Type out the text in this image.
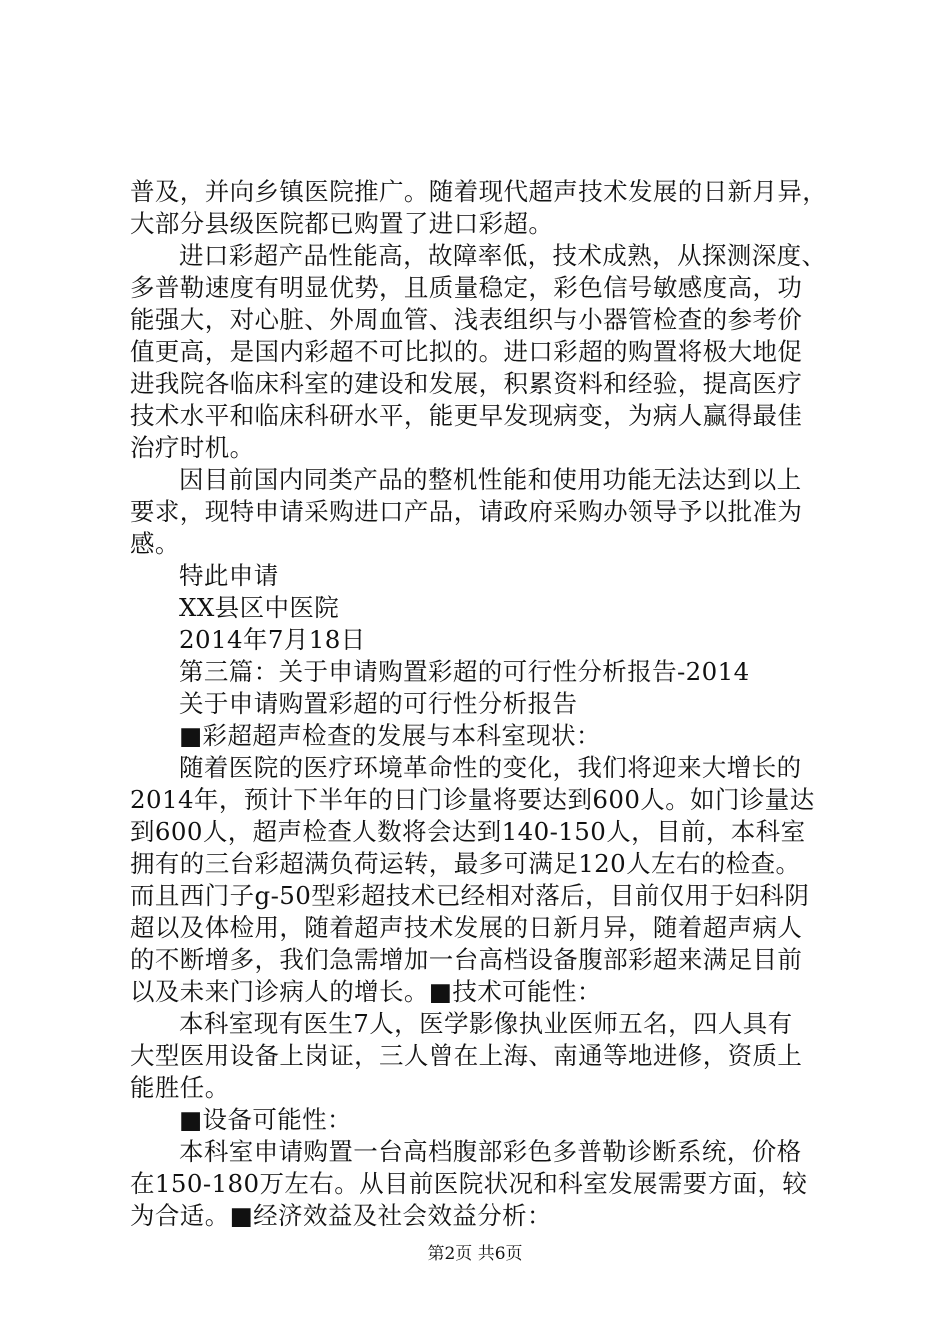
普及，并向乡镇医院推广。随着现代超声技术发展的日新月异，
大部分县级医院都已购置了进口彩超。
进口彩超产品性能高，故障率低，技术成熟，从探测深度、
多普勒速度有明显优势，且质量稳定，彩色信号敏感度高，功
能强大，对心脏、外周血管、浅表组织与小器管检查的参考价
值更高，是国内彩超不可比拟的。进口彩超的购置将极大地促
进我院各临床科室的建设和发展，积累资料和经验，提高医疗
技术水平和临床科研水平，能更早发现病变，为病人赢得最佳
治疗时机。
因目前国内同类产品的整机性能和使用功能无法达到以上
要求，现特申请采购进口产品，请政府采购办领导予以批准为
感。
特此申请
XX县区中医院
2014年7月18日
第三篇：关于申请购置彩超的可行性分析报告-2014
关于申请购置彩超的可行性分析报告
■彩超超声检查的发展与本科室现状：
随着医院的医疗环境革命性的变化，我们将迎来大增长的
2014年，预计下半年的日门诊量将要达到600人。如门诊量达
到600人，超声检查人数将会达到140-150人，目前，本科室
拥有的三台彩超满负荷运转，最多可满足120人左右的检查。
而且西门子g-50型彩超技术已经相对落后，目前仅用于妇科阴
超以及体检用，随着超声技术发展的日新月异，随着超声病人
的不断增多，我们急需增加一台高档设备腹部彩超来满足目前
以及未来门诊病人的增长。■技术可能性：
本科室现有医生7人，医学影像执业医师五名，四人具有
大型医用设备上岗证，三人曾在上海、南通等地进修，资质上
能胜任。
■设备可能性：
本科室申请购置一台高档腹部彩色多普勒诊断系统，价格
在150-180万左右。从目前医院状况和科室发展需要方面，较
为合适。■经济效益及社会效益分析：
第2页 共6页
